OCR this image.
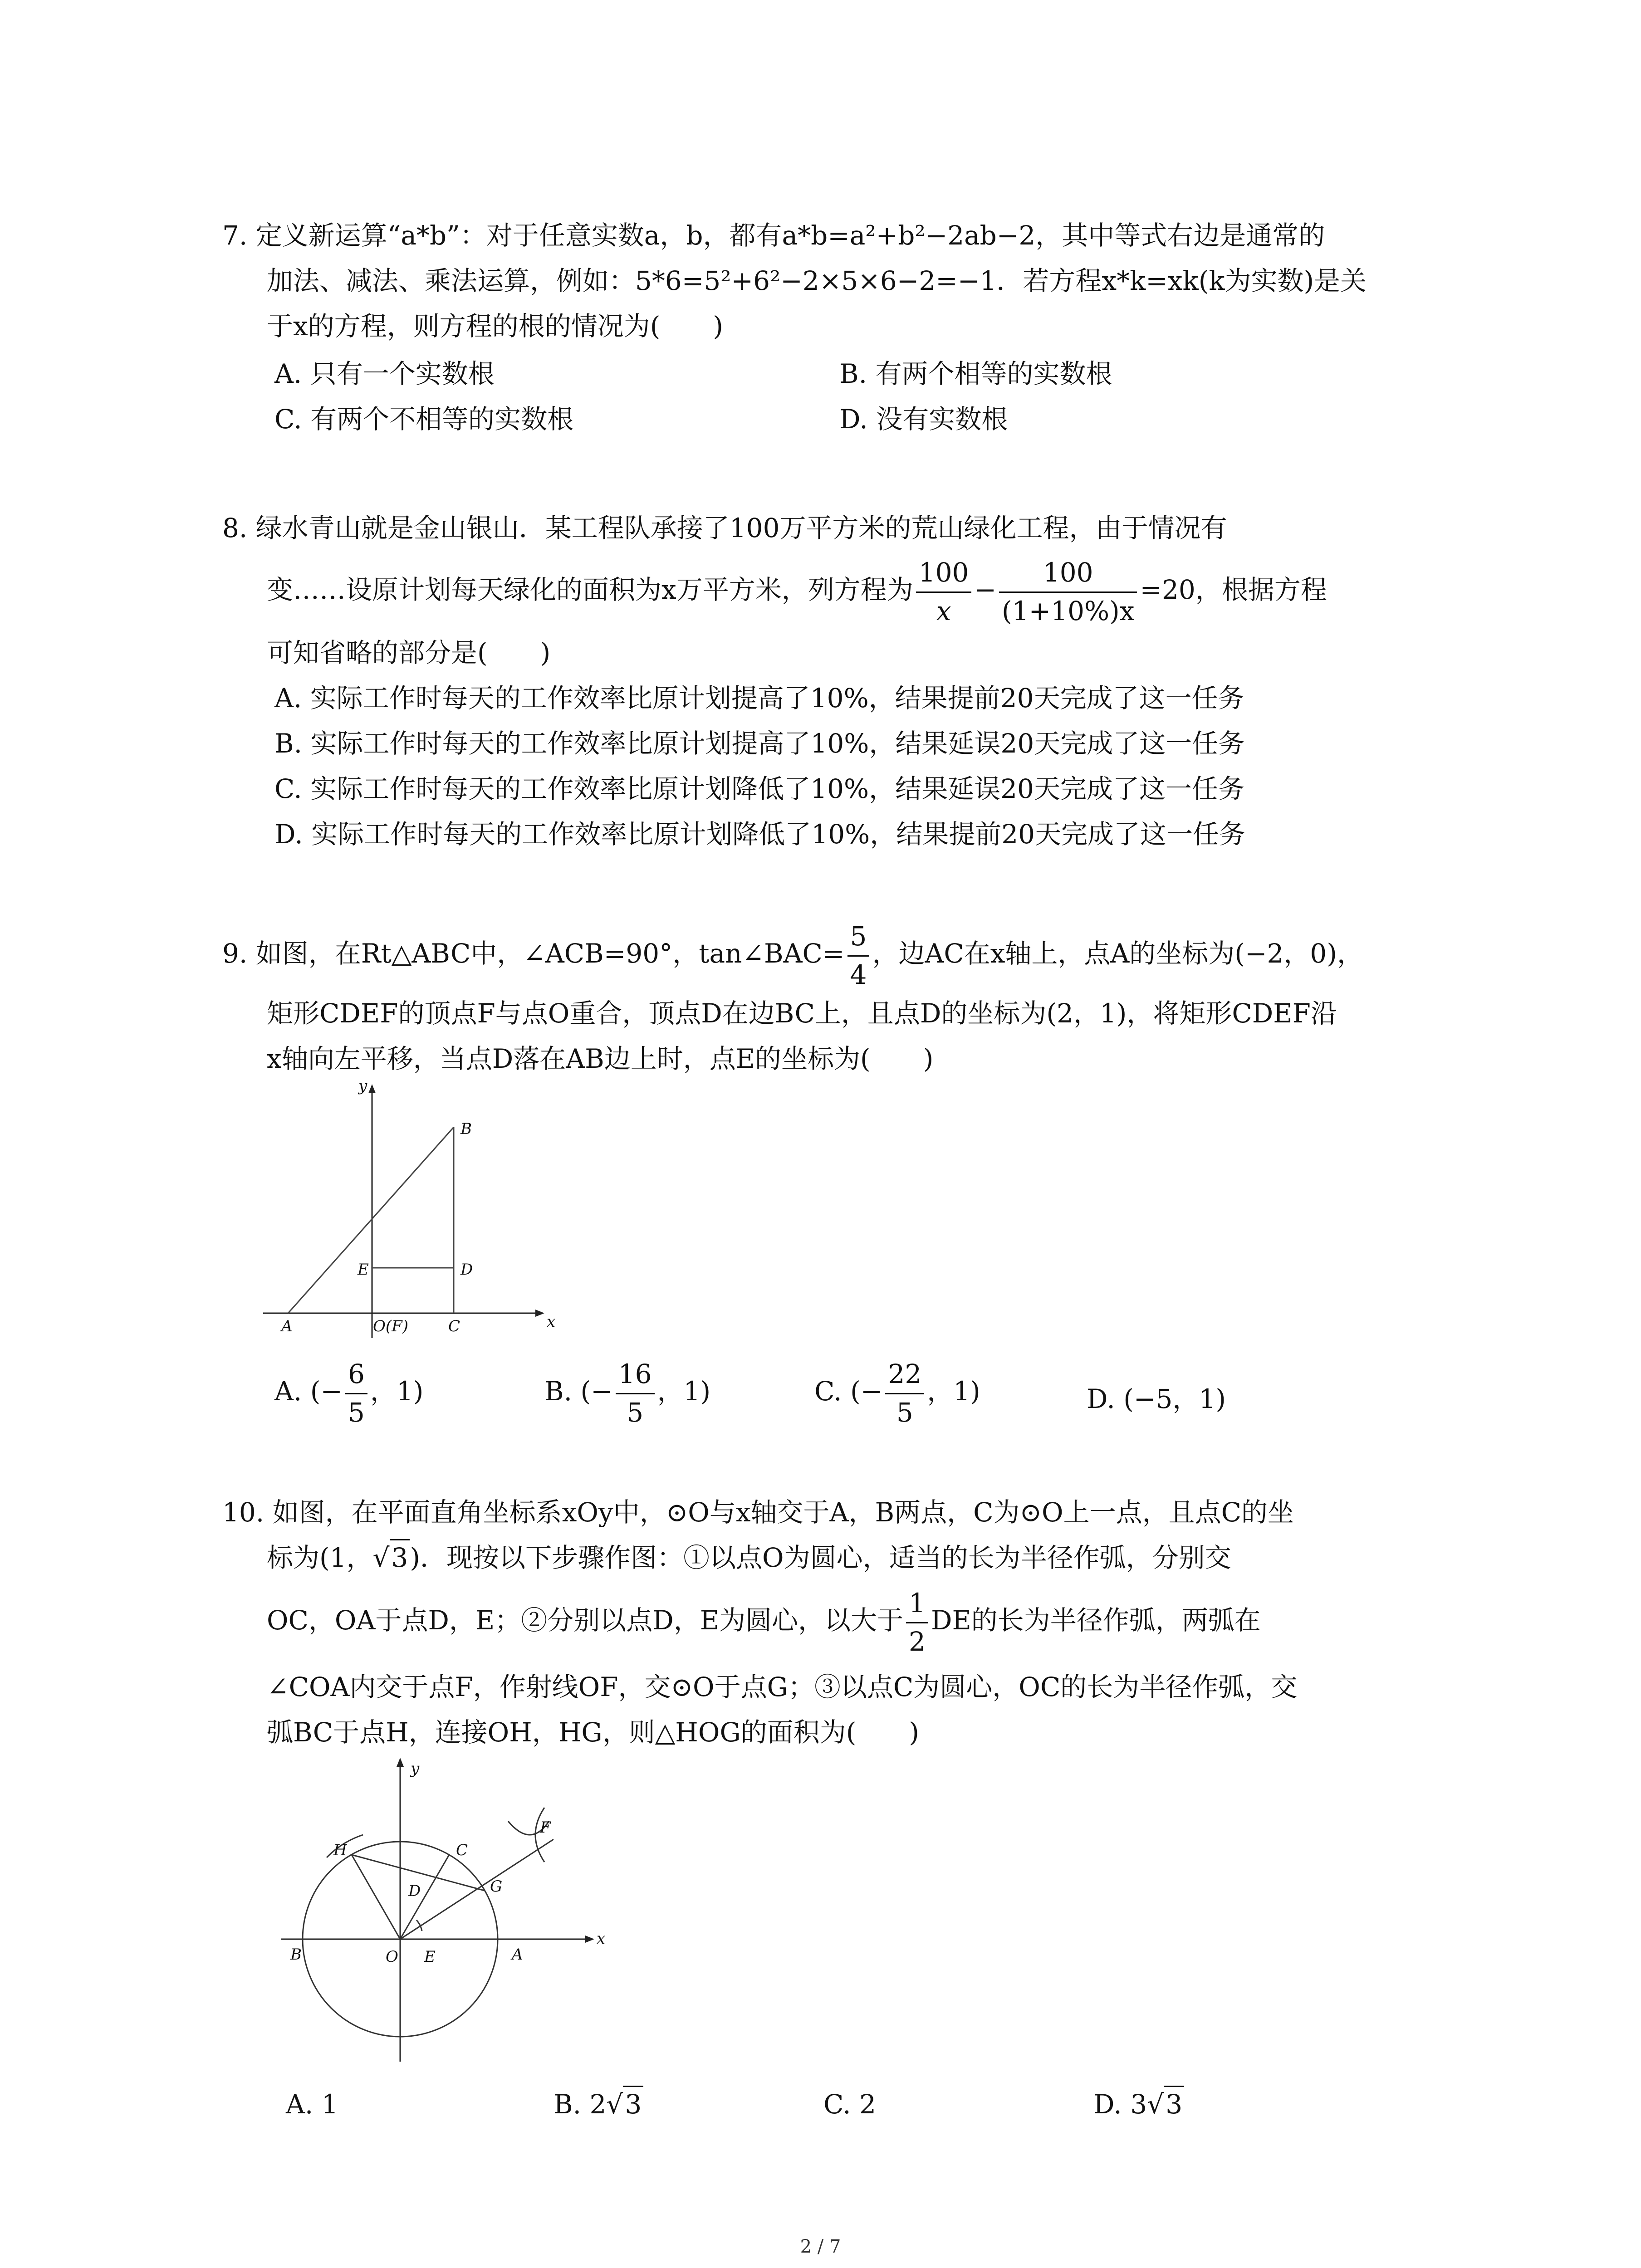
7. 定义新运算“a*b”：对于任意实数a，b，都有a*b=a²+b²−2ab−2，其中等式右边是通常的
加法、减法、乘法运算，例如：5*6=5²+6²−2×5×6−2=−1．若方程x*k=xk(k为实数)是关
于x的方程，则方程的根的情况为(　　)
A. 只有一个实数根	B. 有两个相等的实数根
C. 有两个不相等的实数根	D. 没有实数根
8. 绿水青山就是金山银山．某工程队承接了100万平方米的荒山绿化工程，由于情况有
变……设原计划每天绿化的面积为x万平方米，列方程为 $\frac{100}{x} - \frac{100}{(1+10\%)x} =20$，根据方程
可知省略的部分是(　　)
A. 实际工作时每天的工作效率比原计划提高了10%，结果提前20天完成了这一任务
B. 实际工作时每天的工作效率比原计划提高了10%，结果延误20天完成了这一任务
C. 实际工作时每天的工作效率比原计划降低了10%，结果延误20天完成了这一任务
D. 实际工作时每天的工作效率比原计划降低了10%，结果提前20天完成了这一任务
9. 如图，在Rt△ABC中，∠ACB=90°，tan∠BAC= $\frac{5}{4}$ ，边AC在x轴上，点A的坐标为(−2，0)，
矩形CDEF的顶点F与点O重合，顶点D在边BC上，且点D的坐标为(2，1)，将矩形CDEF沿
x轴向左平移，当点D落在AB边上时，点E的坐标为(　　)
y
x
B
E	D
A	O(F)	C
A. (− $\frac{6}{5}$ ，1)	B. (− $\frac{16}{5}$ ，1)	C. (− $\frac{22}{5}$ ，1)	D. (−5，1)
10. 如图，在平面直角坐标系xOy中，⊙O与x轴交于A，B两点，C为⊙O上一点，且点C的坐
标为(1，√3)．现按以下步骤作图：①以点O为圆心，适当的长为半径作弧，分别交
OC，OA于点D，E；②分别以点D，E为圆心，以大于 $\frac{1}{2}$ DE的长为半径作弧，两弧在
∠COA内交于点F，作射线OF，交⊙O于点G；③以点C为圆心，OC的长为半径作弧，交
弧BC于点H，连接OH，HG，则△HOG的面积为(　　)
y
x
H	C
F
G
D
B	O E	A
A. 1	B. 2√3	C. 2	D. 3√3
2 / 7
